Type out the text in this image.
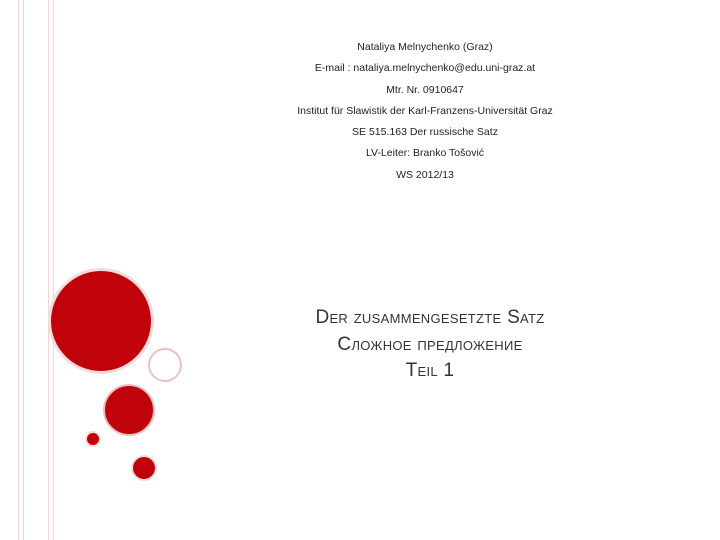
Nataliya Melnychenko (Graz)
E-mail : nataliya.melnychenko@edu.uni-graz.at
Mtr. Nr. 0910647
Institut für Slawistik der Karl-Franzens-Universität Graz
SE 515.163 Der russische Satz
LV-Leiter: Branko Tošović
WS 2012/13
Der zusammengesetzte Satz
Сложное предложение
Teil 1
